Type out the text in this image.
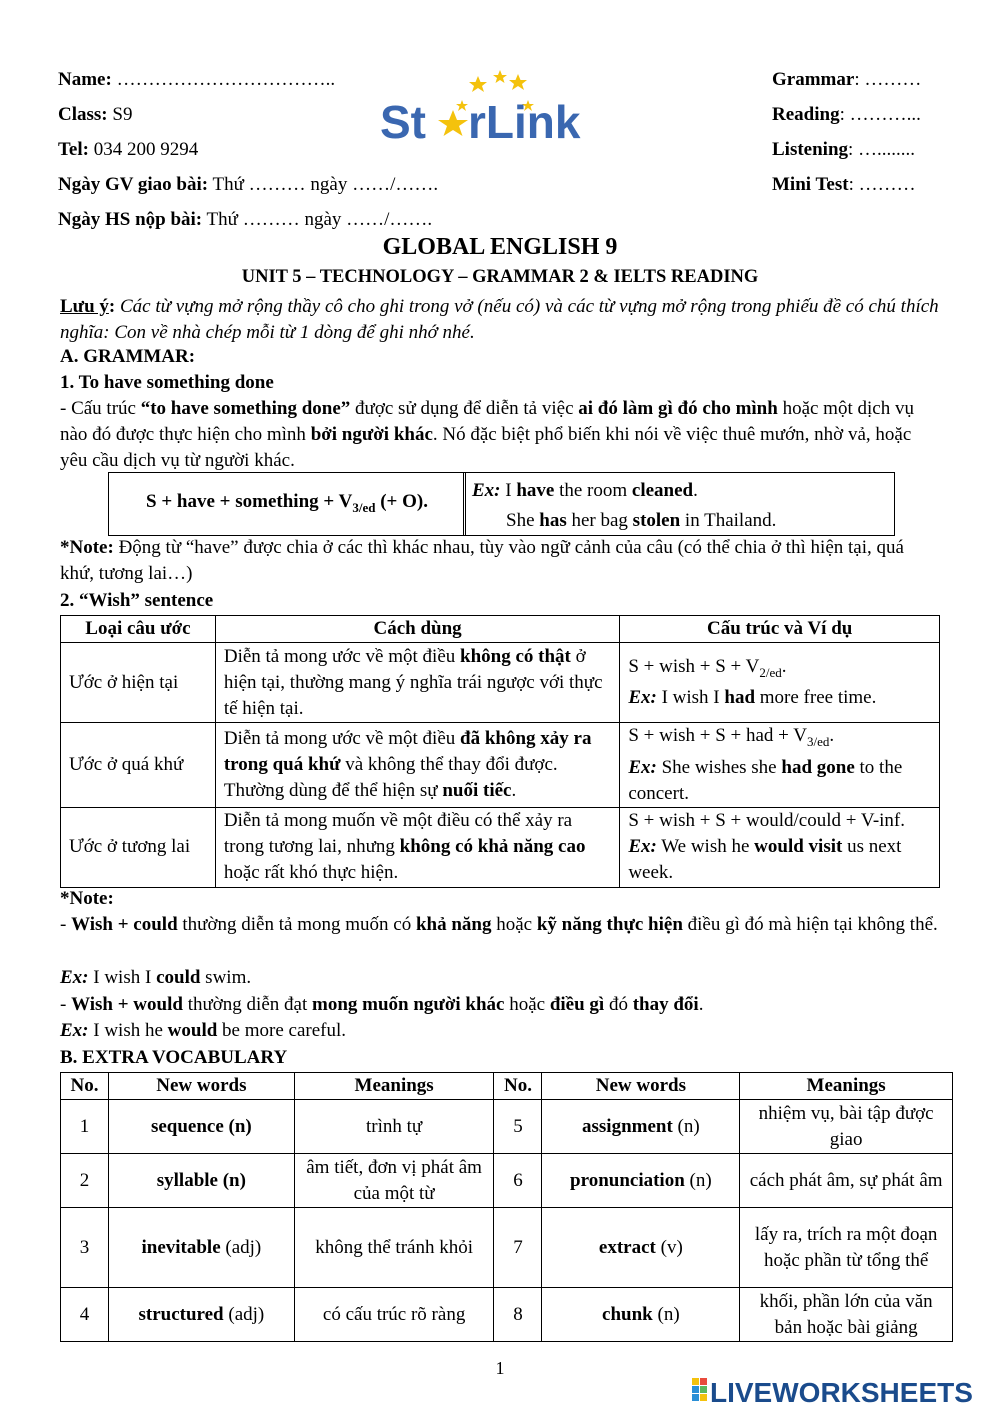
Name: ……………………………..
Class: S9
Tel: 034 200 9294
Ngày GV giao bài: Thứ ……… ngày ……/…….
Ngày HS nộp bài: Thứ ……… ngày ……/…….
St rLink
Grammar: ………
Reading: ………...
Listening: …........
Mini Test: ………
GLOBAL ENGLISH 9
UNIT 5 – TECHNOLOGY – GRAMMAR 2 & IELTS READING
Lưu ý: Các từ vựng mở rộng thầy cô cho ghi trong vở (nếu có) và các từ vựng mở rộng trong phiếu đề có chú thích nghĩa: Con về nhà chép mỗi từ 1 dòng để ghi nhớ nhé.
A. GRAMMAR:
1. To have something done
- Cấu trúc “to have something done” được sử dụng để diễn tả việc ai đó làm gì đó cho mình hoặc một dịch vụ nào đó được thực hiện cho mình bởi người khác. Nó đặc biệt phổ biến khi nói về việc thuê mướn, nhờ vả, hoặc yêu cầu dịch vụ từ người khác.
S + have + something + $V_{3/ed}$ (+ O).
Ex: I have the room cleaned.
She has her bag stolen in Thailand.
*Note: Động từ “have” được chia ở các thì khác nhau, tùy vào ngữ cảnh của câu (có thể chia ở thì hiện tại, quá khứ, tương lai…)
2. “Wish” sentence
Loại câu ước	Cách dùng	Cấu trúc và Ví dụ
Ước ở hiện tại	Diễn tả mong ước về một điều không có thật ở hiện tại, thường mang ý nghĩa trái ngược với thực tế hiện tại.	S + wish + $S + V_{2/ed}$.
Ex: I wish I had more free time.

Ước ở quá khứ	Diễn tả mong ước về một điều đã không xảy ra trong quá khứ và không thể thay đổi được. Thường dùng để thể hiện sự nuối tiếc.	S + wish + S + had + $V_{3/ed}$.
Ex: She wishes she had gone to the concert.
Ước ở tương lai	Diễn tả mong muốn về một điều có thể xảy ra trong tương lai, nhưng không có khả năng cao hoặc rất khó thực hiện.	S + wish + S + would/could + V-inf.
Ex: We wish he would visit us next week.
*Note:
- Wish + could thường diễn tả mong muốn có khả năng hoặc kỹ năng thực hiện điều gì đó mà hiện tại không thể.
Ex: I wish I could swim.
- Wish + would thường diễn đạt mong muốn người khác hoặc điều gì đó thay đổi.
Ex: I wish he would be more careful.
B. EXTRA VOCABULARY
No.	New words	Meanings	No.	New words	Meanings
1	sequence (n)	trình tự	5	assignment (n)	nhiệm vụ, bài tập được giao
2	syllable (n)	âm tiết, đơn vị phát âm của một từ	6	pronunciation (n)	cách phát âm, sự phát âm
3	inevitable (adj)	không thể tránh khỏi	7	extract (v)	lấy ra, trích ra một đoạn hoặc phần từ tổng thể
4	structured (adj)	có cấu trúc rõ ràng	8	chunk (n)	khối, phần lớn của văn bản hoặc bài giảng
1
LIVEWORKSHEETS
